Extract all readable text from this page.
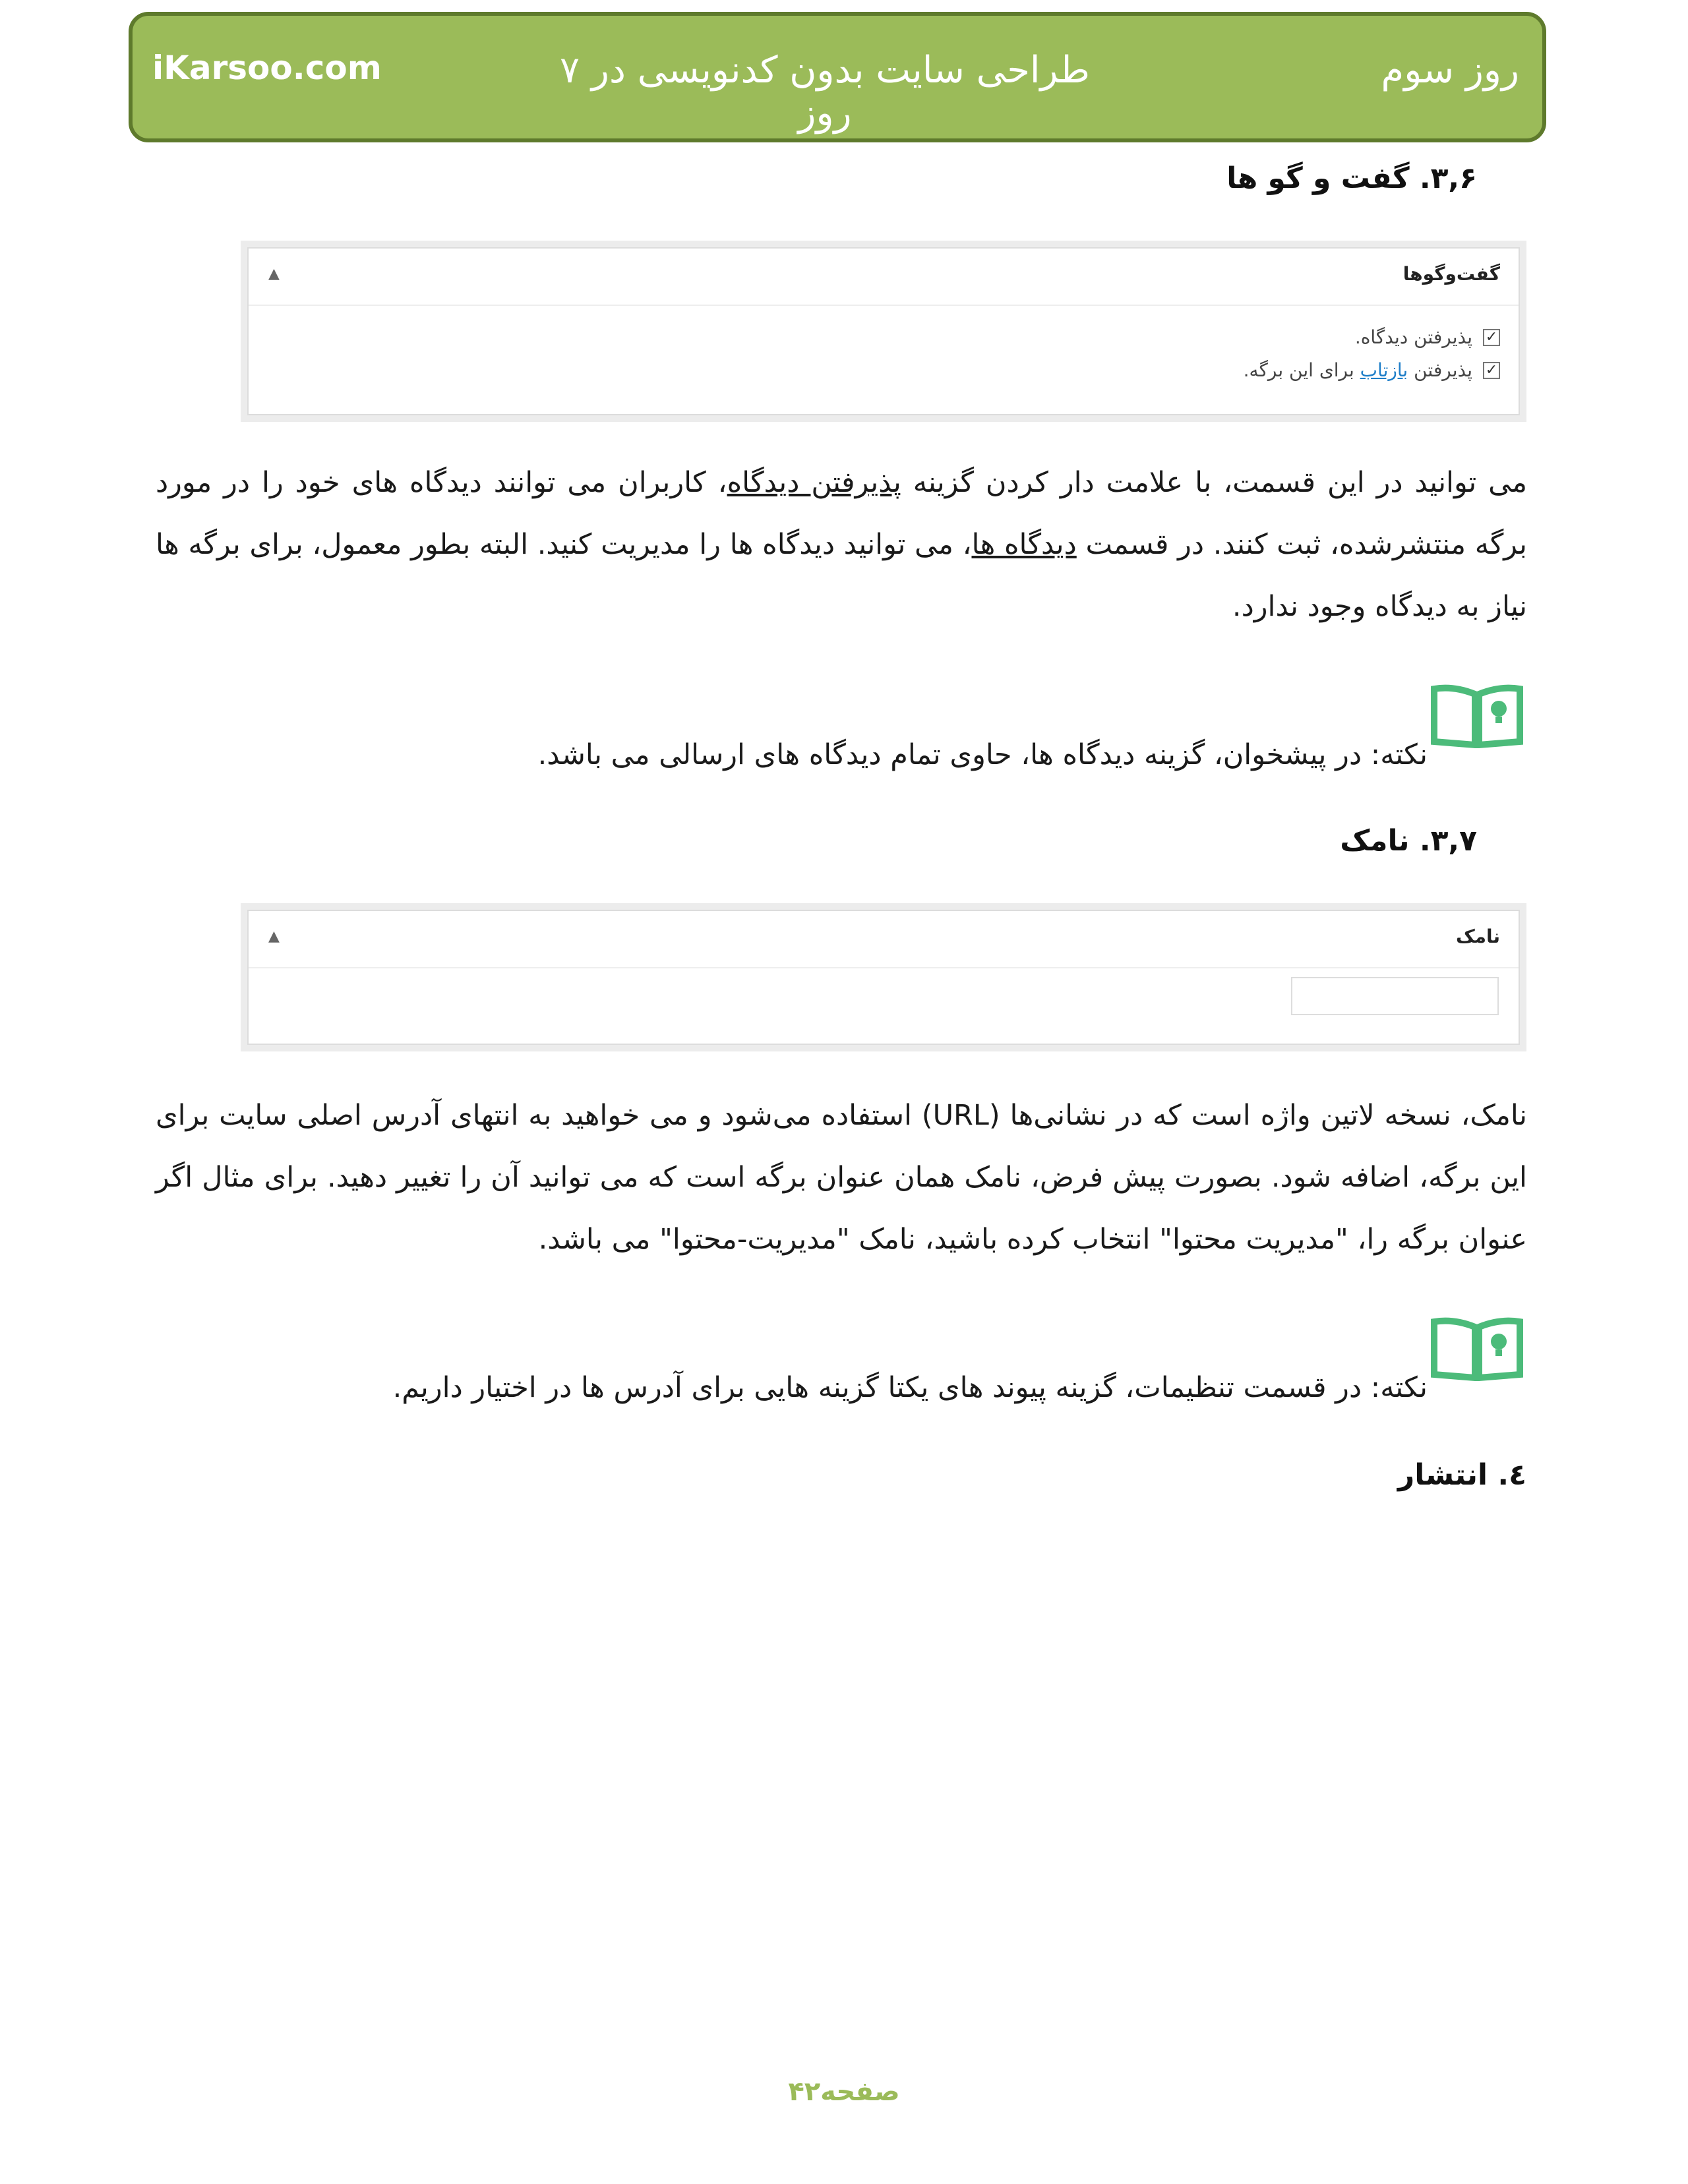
iKarsoo.com	طراحی سایت بدون کدنویسی در ۷ روز
روز سوم
۳,۶. گفت و گو ها
گفت‌وگوها
▲
✓
پذیرفتن دیدگاه.
✓
پذیرفتن

بازتاب

برای این برگه.
می توانید در این قسمت، با علامت دار کردن گزینه پذیرفتن دیدگاه، کاربران می توانند دیدگاه های خود را در مورد برگه منتشرشده، ثبت کنند. در قسمت دیدگاه ها، می توانید دیدگاه ها را مدیریت کنید. البته بطور معمول، برای برگه ها نیاز به دیدگاه وجود ندارد.
نکته: در پیشخوان، گزینه دیدگاه ها، حاوی تمام دیدگاه های ارسالی می باشد.
۳,۷. نامک
نامک
▲
نامک، نسخه لاتین واژه است که در نشانی‌ها (URL) استفاده می‌شود و می خواهید به انتهای آدرس اصلی سایت برای این برگه، اضافه شود. بصورت پیش فرض، نامک همان عنوان برگه است که می توانید آن را تغییر دهید. برای مثال اگر عنوان برگه را، "مدیریت محتوا" انتخاب کرده باشید، نامک "مدیریت-محتوا" می باشد.
نکته: در قسمت تنظیمات، گزینه پیوند های یکتا گزینه هایی برای آدرس ها در اختیار داریم.
٤. انتشار
صفحه۴۲
